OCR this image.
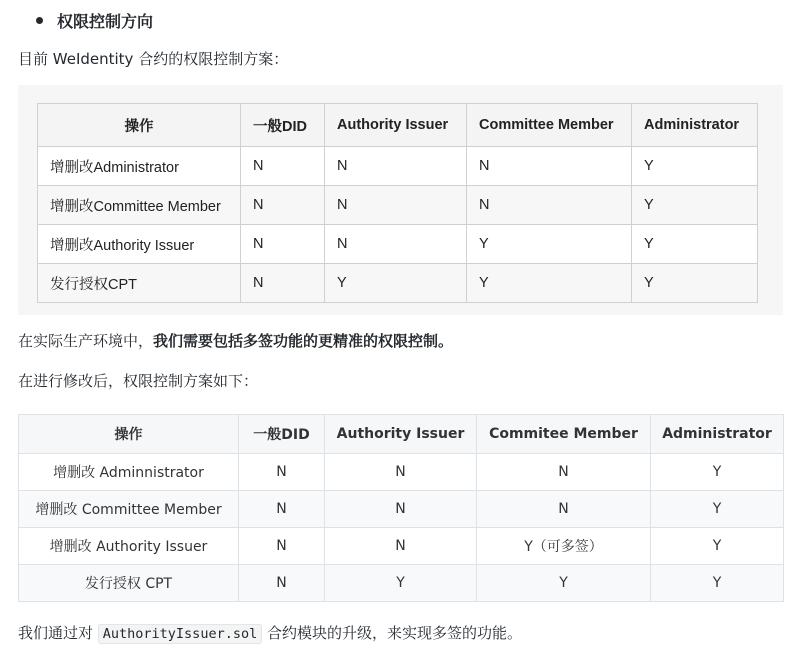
权限控制方向
目前 WeIdentity 合约的权限控制方案：
操作	一般DID	Authority Issuer	Committee Member	Administrator
增删改Administrator	N	N	N	Y
增删改Committee Member	N	N	N	Y
增删改Authority Issuer	N	N	Y	Y
发行授权CPT	N	Y	Y	Y
在实际生产环境中，我们需要包括多签功能的更精准的权限控制。
在进行修改后，权限控制方案如下：
操作	一般DID	Authority Issuer	Commitee Member	Administrator
增删改 Adminnistrator	N	N	N	Y
增删改 Committee Member	N	N	N	Y
增删改 Authority Issuer	N	N	Y（可多签）	Y
发行授权 CPT	N	Y	Y	Y
我们通过对 AuthorityIssuer.sol 合约模块的升级，来实现多签的功能。
